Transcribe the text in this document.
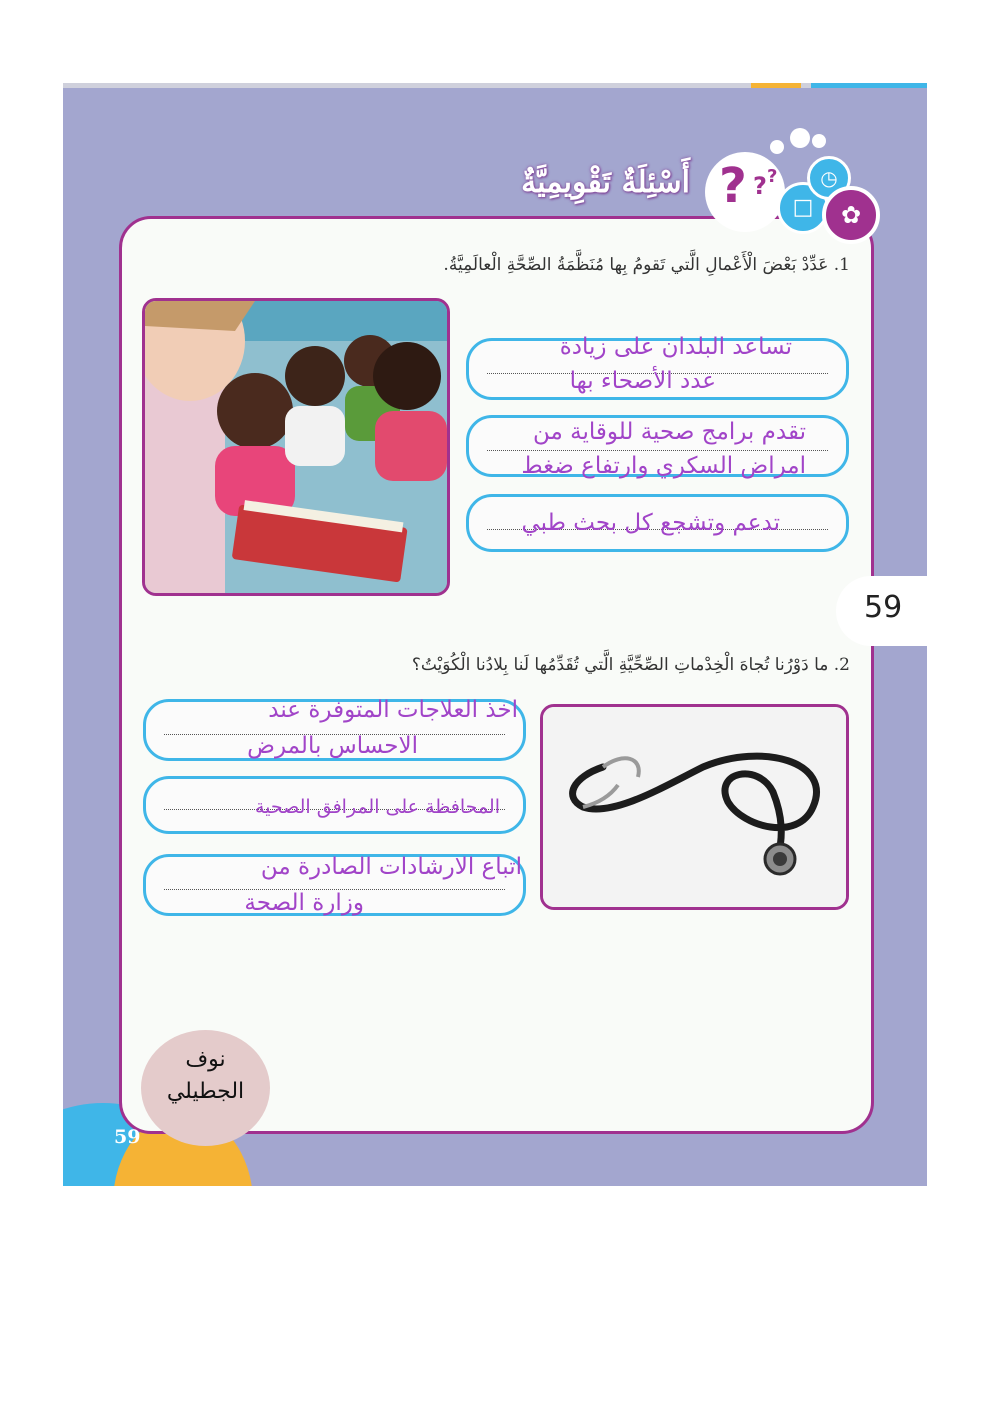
? ? ?
□
◷
✿
أَسْئِلَةٌ تَقْوِيمِيَّةٌ
1. عَدِّدْ بَعْضَ الْأَعْمالِ الَّتي تَقومُ بِها مُنَظَّمَةُ الصِّحَّةِ الْعالَمِيَّةُ.
تساعد البلدان على زيادة
عدد الأصحاء بها
تقدم برامج صحية للوقاية من
امراض السكري وارتفاع ضغط
تدعم وتشجع كل بحث طبي
59
2. ما دَوْرُنا تُجاهَ الْخِدْماتِ الصِّحِّيَّةِ الَّتي تُقَدِّمُها لَنا بِلادُنا الْكُوَيْتُ؟
اخذ العلاجات المتوفرة عند
الاحساس بالمرض
المحافظة على المرافق الصحية
اتباع الارشادات الصادرة من
وزارة الصحة
نوف
الجطيلي
59
